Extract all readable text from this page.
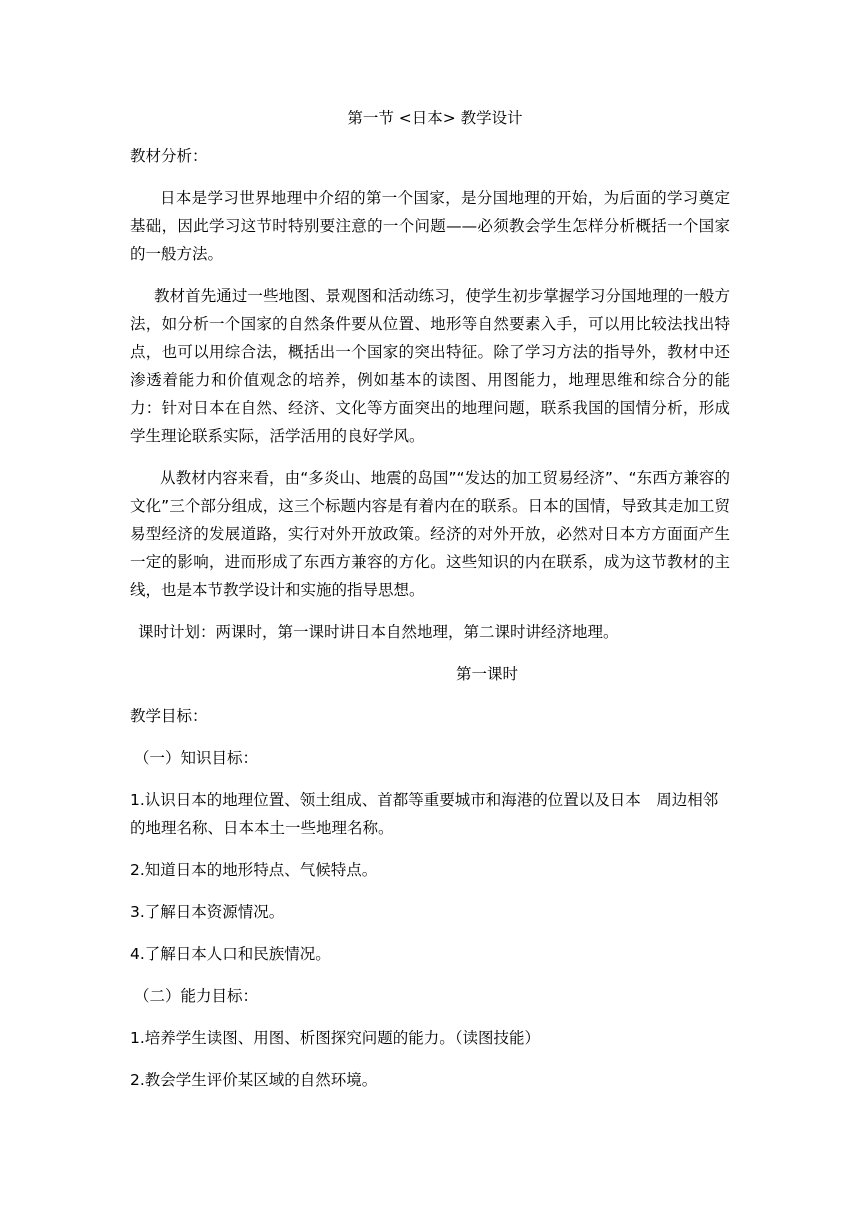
第一节 <日本> 教学设计

教材分析：

日本是学习世界地理中介绍的第一个国家，是分国地理的开始，为后面的学习奠定基础，因此学习这节时特别要注意的一个问题——必须教会学生怎样分析概括一个国家的一般方法。

教材首先通过一些地图、景观图和活动练习，使学生初步掌握学习分国地理的一般方法，如分析一个国家的自然条件要从位置、地形等自然要素入手，可以用比较法找出特点，也可以用综合法，概括出一个国家的突出特征。除了学习方法的指导外，教材中还渗透着能力和价值观念的培养，例如基本的读图、用图能力，地理思维和综合分的能力：针对日本在自然、经济、文化等方面突出的地理问题，联系我国的国情分析，形成学生理论联系实际，活学活用的良好学风。

从教材内容来看，由“多炎山、地震的岛国”“发达的加工贸易经济”、“东西方兼容的文化”三个部分组成，这三个标题内容是有着内在的联系。日本的国情，导致其走加工贸易型经济的发展道路，实行对外开放政策。经济的对外开放，必然对日本方方面面产生一定的影响，进而形成了东西方兼容的方化。这些知识的内在联系，成为这节教材的主线，也是本节教学设计和实施的指导思想。

课时计划：两课时，第一课时讲日本自然地理，第二课时讲经济地理。

第一课时

教学目标：

（一）知识目标：

1.认识日本的地理位置、领土组成、首都等重要城市和海港的位置以及日本　周边相邻的地理名称、日本本土一些地理名称。

2.知道日本的地形特点、气候特点。

3.了解日本资源情况。

4.了解日本人口和民族情况。

（二）能力目标：

1.培养学生读图、用图、析图探究问题的能力。（读图技能）

2.教会学生评价某区域的自然环境。
